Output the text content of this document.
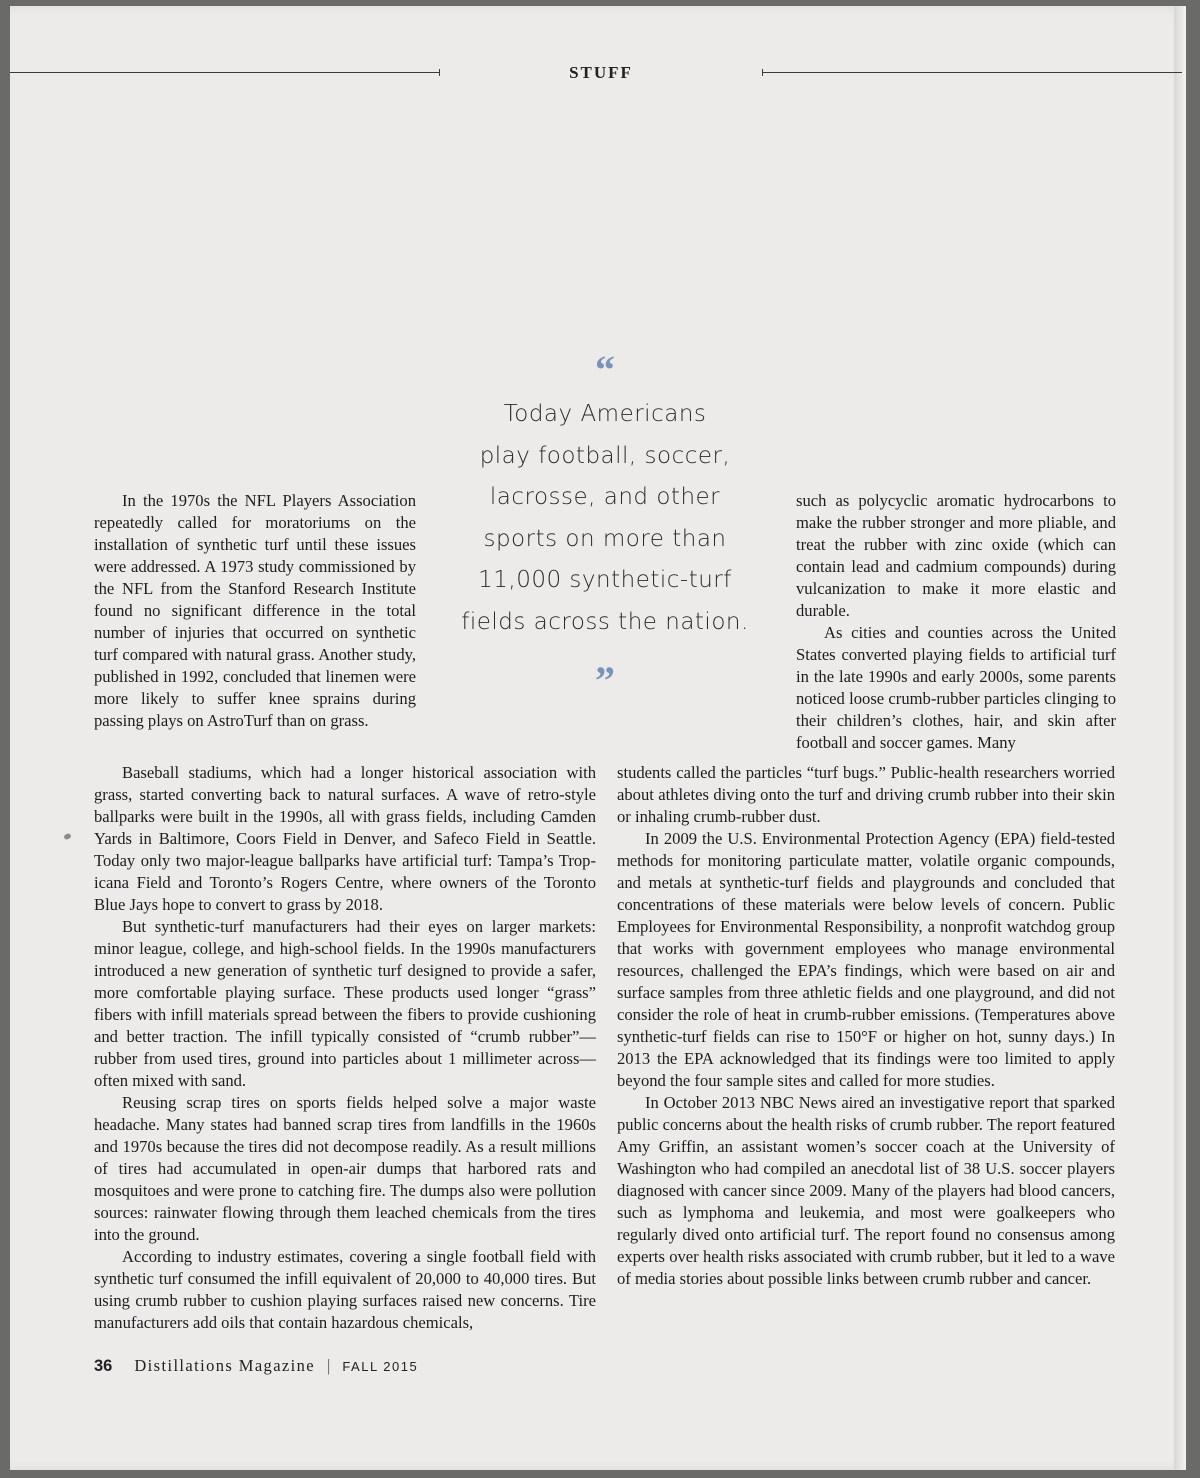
STUFF

In the 1970s the NFL Players Association repeatedly called for moratoriums on the installation of synthetic turf until these issues were addressed. A 1973 study commissioned by the NFL from the Stanford Research Institute found no significant difference in the total number of injuries that occurred on synthetic turf compared with natural grass. Another study, published in 1992, concluded that linemen were more likely to suffer knee sprains during passing plays on AstroTurf than on grass.

“
Today Americans
play football, soccer,
lacrosse, and other
sports on more than
11,000 synthetic-turf
fields across the nation.
”

such as polycyclic aromatic hydrocarbons to make the rubber stronger and more pliable, and treat the rubber with zinc oxide (which can contain lead and cadmium compounds) during vulcanization to make it more elastic and durable.

As cities and counties across the United States converted playing fields to artificial turf in the late 1990s and early 2000s, some parents noticed loose crumb-rubber particles clinging to their children’s clothes, hair, and skin after football and soccer games. Many

Baseball stadiums, which had a longer historical association with grass, started converting back to natural surfaces. A wave of retro-style ballparks were built in the 1990s, all with grass fields, including Camden Yards in Baltimore, Coors Field in Denver, and Safeco Field in Seattle. Today only two major-league ballparks have artificial turf: Tampa’s Tropicana Field and Toronto’s Rogers Centre, where owners of the Toronto Blue Jays hope to convert to grass by 2018.

But synthetic-turf manufacturers had their eyes on larger markets: minor league, college, and high-school fields. In the 1990s manufacturers introduced a new generation of synthetic turf designed to provide a safer, more comfortable playing surface. These products used longer “grass” fibers with infill materials spread between the fibers to provide cushioning and better traction. The infill typically consisted of “crumb rubber”—rubber from used tires, ground into particles about 1 millimeter across—often mixed with sand.

Reusing scrap tires on sports fields helped solve a major waste headache. Many states had banned scrap tires from landfills in the 1960s and 1970s because the tires did not decompose readily. As a result millions of tires had accumulated in open-air dumps that harbored rats and mosquitoes and were prone to catching fire. The dumps also were pollution sources: rainwater flowing through them leached chemicals from the tires into the ground.

According to industry estimates, covering a single football field with synthetic turf consumed the infill equivalent of 20,000 to 40,000 tires. But using crumb rubber to cushion playing surfaces raised new concerns. Tire manufacturers add oils that contain hazardous chemicals,

students called the particles “turf bugs.” Public-health researchers worried about athletes diving onto the turf and driving crumb rubber into their skin or inhaling crumb-rubber dust.

In 2009 the U.S. Environmental Protection Agency (EPA) field-tested methods for monitoring particulate matter, volatile organic compounds, and metals at synthetic-turf fields and playgrounds and concluded that concentrations of these materials were below levels of concern. Public Employees for Environmental Responsibility, a nonprofit watchdog group that works with government employees who manage environmental resources, challenged the EPA’s findings, which were based on air and surface samples from three athletic fields and one playground, and did not consider the role of heat in crumb-rubber emissions. (Temperatures above synthetic-turf fields can rise to 150°F or higher on hot, sunny days.) In 2013 the EPA acknowledged that its findings were too limited to apply beyond the four sample sites and called for more studies.

In October 2013 NBC News aired an investigative report that sparked public concerns about the health risks of crumb rubber. The report featured Amy Griffin, an assistant women’s soccer coach at the University of Washington who had compiled an anecdotal list of 38 U.S. soccer players diagnosed with cancer since 2009. Many of the players had blood cancers, such as lymphoma and leukemia, and most were goalkeepers who regularly dived onto artificial turf. The report found no consensus among experts over health risks associated with crumb rubber, but it led to a wave of media stories about possible links between crumb rubber and cancer.

36 Distillations Magazine | FALL 2015
